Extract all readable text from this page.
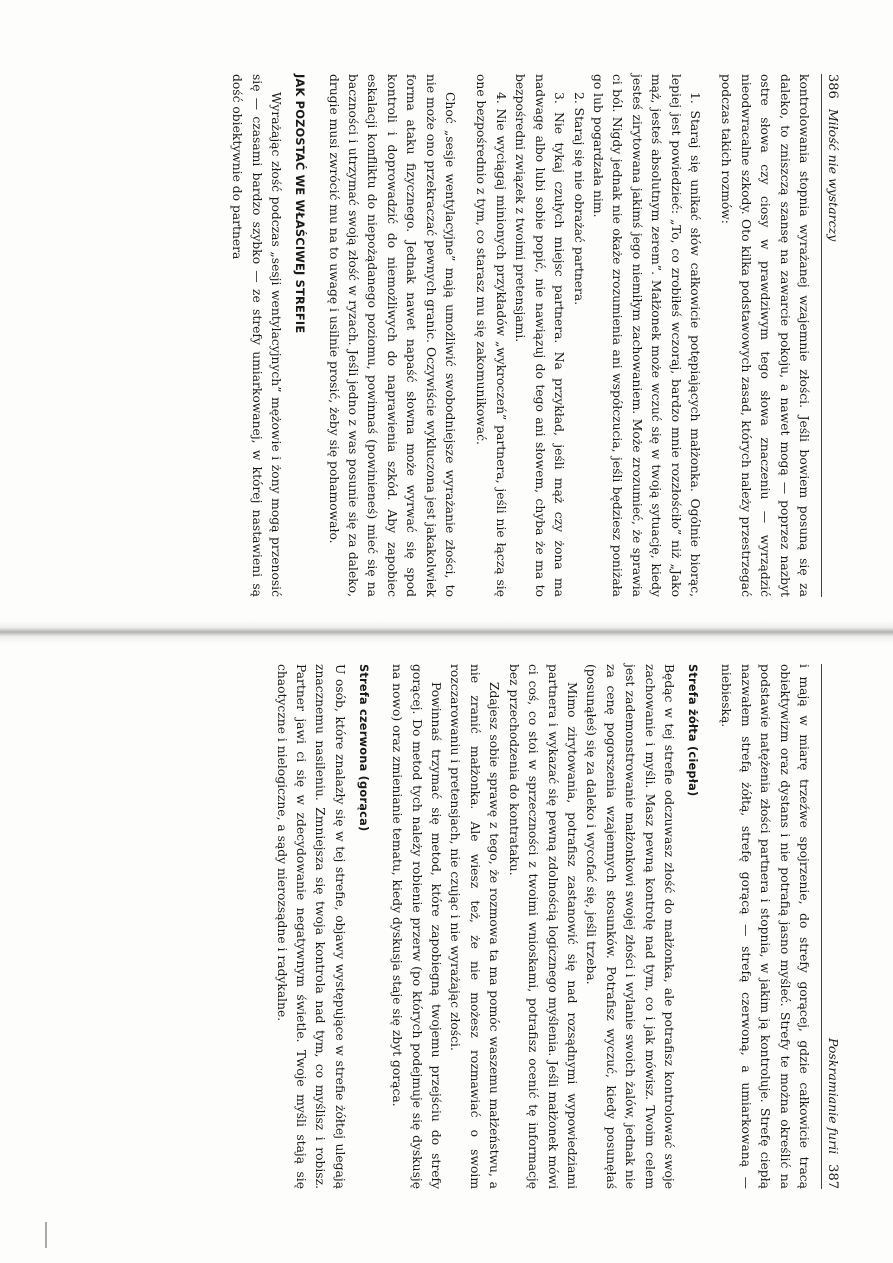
386 Miłość nie wystarczy

kontrolowania stopnia wyrażanej wzajemnie złości. Jeśli bowiem posuną się za daleko, to zniszczą szansę na zawarcie pokoju, a nawet mogą — poprzez nazbyt ostre słowa czy ciosy w prawdziwym tego słowa znaczeniu — wyrządzić nieodwracalne szkody. Oto kilka podstawowych zasad, których należy przestrzegać podczas takich rozmów:

1. Staraj się unikać słów całkowicie potępiających małżonka. Ogólnie biorąc, lepiej jest powiedzieć: „To, co zrobiłeś wczoraj, bardzo mnie rozzłościło” niż „Jako mąż, jesteś absolutnym zerem”. Małżonek może wczuć się w twoją sytuację, kiedy jesteś zirytowana jakimś jego niemiłym zachowaniem. Może zrozumieć, że sprawia ci ból. Nigdy jednak nie okaże zrozumienia ani współczucia, jeśli będziesz poniżała go lub pogardzała nim.

2. Staraj się nie obrażać partnera.

3. Nie tykaj czułych miejsc partnera. Na przykład, jeśli mąż czy żona ma nadwagę albo lubi sobie popić, nie nawiązuj do tego ani słowem, chyba że ma to bezpośredni związek z twoimi pretensjami.

4. Nie wyciągaj minionych przykładów „wykroczeń” partnera, jeśli nie łączą się one bezpośrednio z tym, co starasz mu się zakomunikować.

Choć „sesje wentylacyjne” mają umożliwić swobodniejsze wyrażanie złości, to nie może ono przekraczać pewnych granic. Oczywiście wykluczona jest jakakolwiek forma ataku fizycznego. Jednak nawet napaść słowna może wyrwać się spod kontroli i doprowadzić do niemożliwych do naprawienia szkód. Aby zapobiec eskalacji konfliktu do niepożądanego poziomu, powinnaś (powinieneś) mieć się na baczności i utrzymać swoją złość w ryzach. Jeśli jedno z was posunie się za daleko, drugie musi zwrócić mu na to uwagę i usilnie prosić, żeby się pohamowało.

JAK POZOSTAĆ WE WŁAŚCIWEJ STREFIE

Wyrażając złość podczas „sesji wentylacyjnych” mężowie i żony mogą przenosić się — czasami bardzo szybko — ze strefy umiarkowanej, w której nastawieni są dość obiektywnie do partnera

Poskramianie furii 387

i mają w miarę trzeźwe spojrzenie, do strefy gorącej, gdzie całkowicie tracą obiektywizm oraz dystans i nie potrafią jasno myśleć. Strefy te można określić na podstawie natężenia złości partnera i stopnia, w jakim ją kontroluje. Strefę ciepłą nazwałem strefą żółtą, strefę gorącą — strefą czerwoną, a umiarkowaną — niebieską.

Strefa żółta (ciepła)

Będąc w tej strefie odczuwasz złość do małżonka, ale potrafisz kontrolować swoje zachowanie i myśli. Masz pewną kontrolę nad tym, co i jak mówisz. Twoim celem jest zademonstrowanie małżonkowi swojej złości i wylanie swoich żalów, jednak nie za cenę pogorszenia wzajemnych stosunków. Potrafisz wyczuć, kiedy posunęłaś (posunąłeś) się za daleko i wycofać się, jeśli trzeba.

Mimo zirytowania, potrafisz zastanowić się nad rozsądnymi wypowiedziami partnera i wykazać się pewną zdolnością logicznego myślenia. Jeśli małżonek mówi ci coś, co stoi w sprzeczności z twoimi wnioskami, potrafisz ocenić tę informację bez przechodzenia do kontrataku.

Zdajesz sobie sprawę z tego, że rozmowa ta ma pomóc waszemu małżeństwu, a nie zranić małżonka. Ale wiesz też, że nie możesz rozmawiać o swoim rozczarowaniu i pretensjach, nie czując i nie wyrażając złości.

Powinnaś trzymać się metod, które zapobiegną twojemu przejściu do strefy gorącej. Do metod tych należy robienie przerw (po których podejmuje się dyskusję na nowo) oraz zmienianie tematu, kiedy dyskusja staje się zbyt gorąca.

Strefa czerwona (gorąca)

U osób, które znalazły się w tej strefie, objawy występujące w strefie żółtej ulegają znacznemu nasileniu. Zmniejsza się twoja kontrola nad tym, co myślisz i robisz. Partner jawi ci się w zdecydowanie negatywnym świetle. Twoje myśli stają się chaotyczne i nielogiczne, a sądy nierozsądne i radykalne.
